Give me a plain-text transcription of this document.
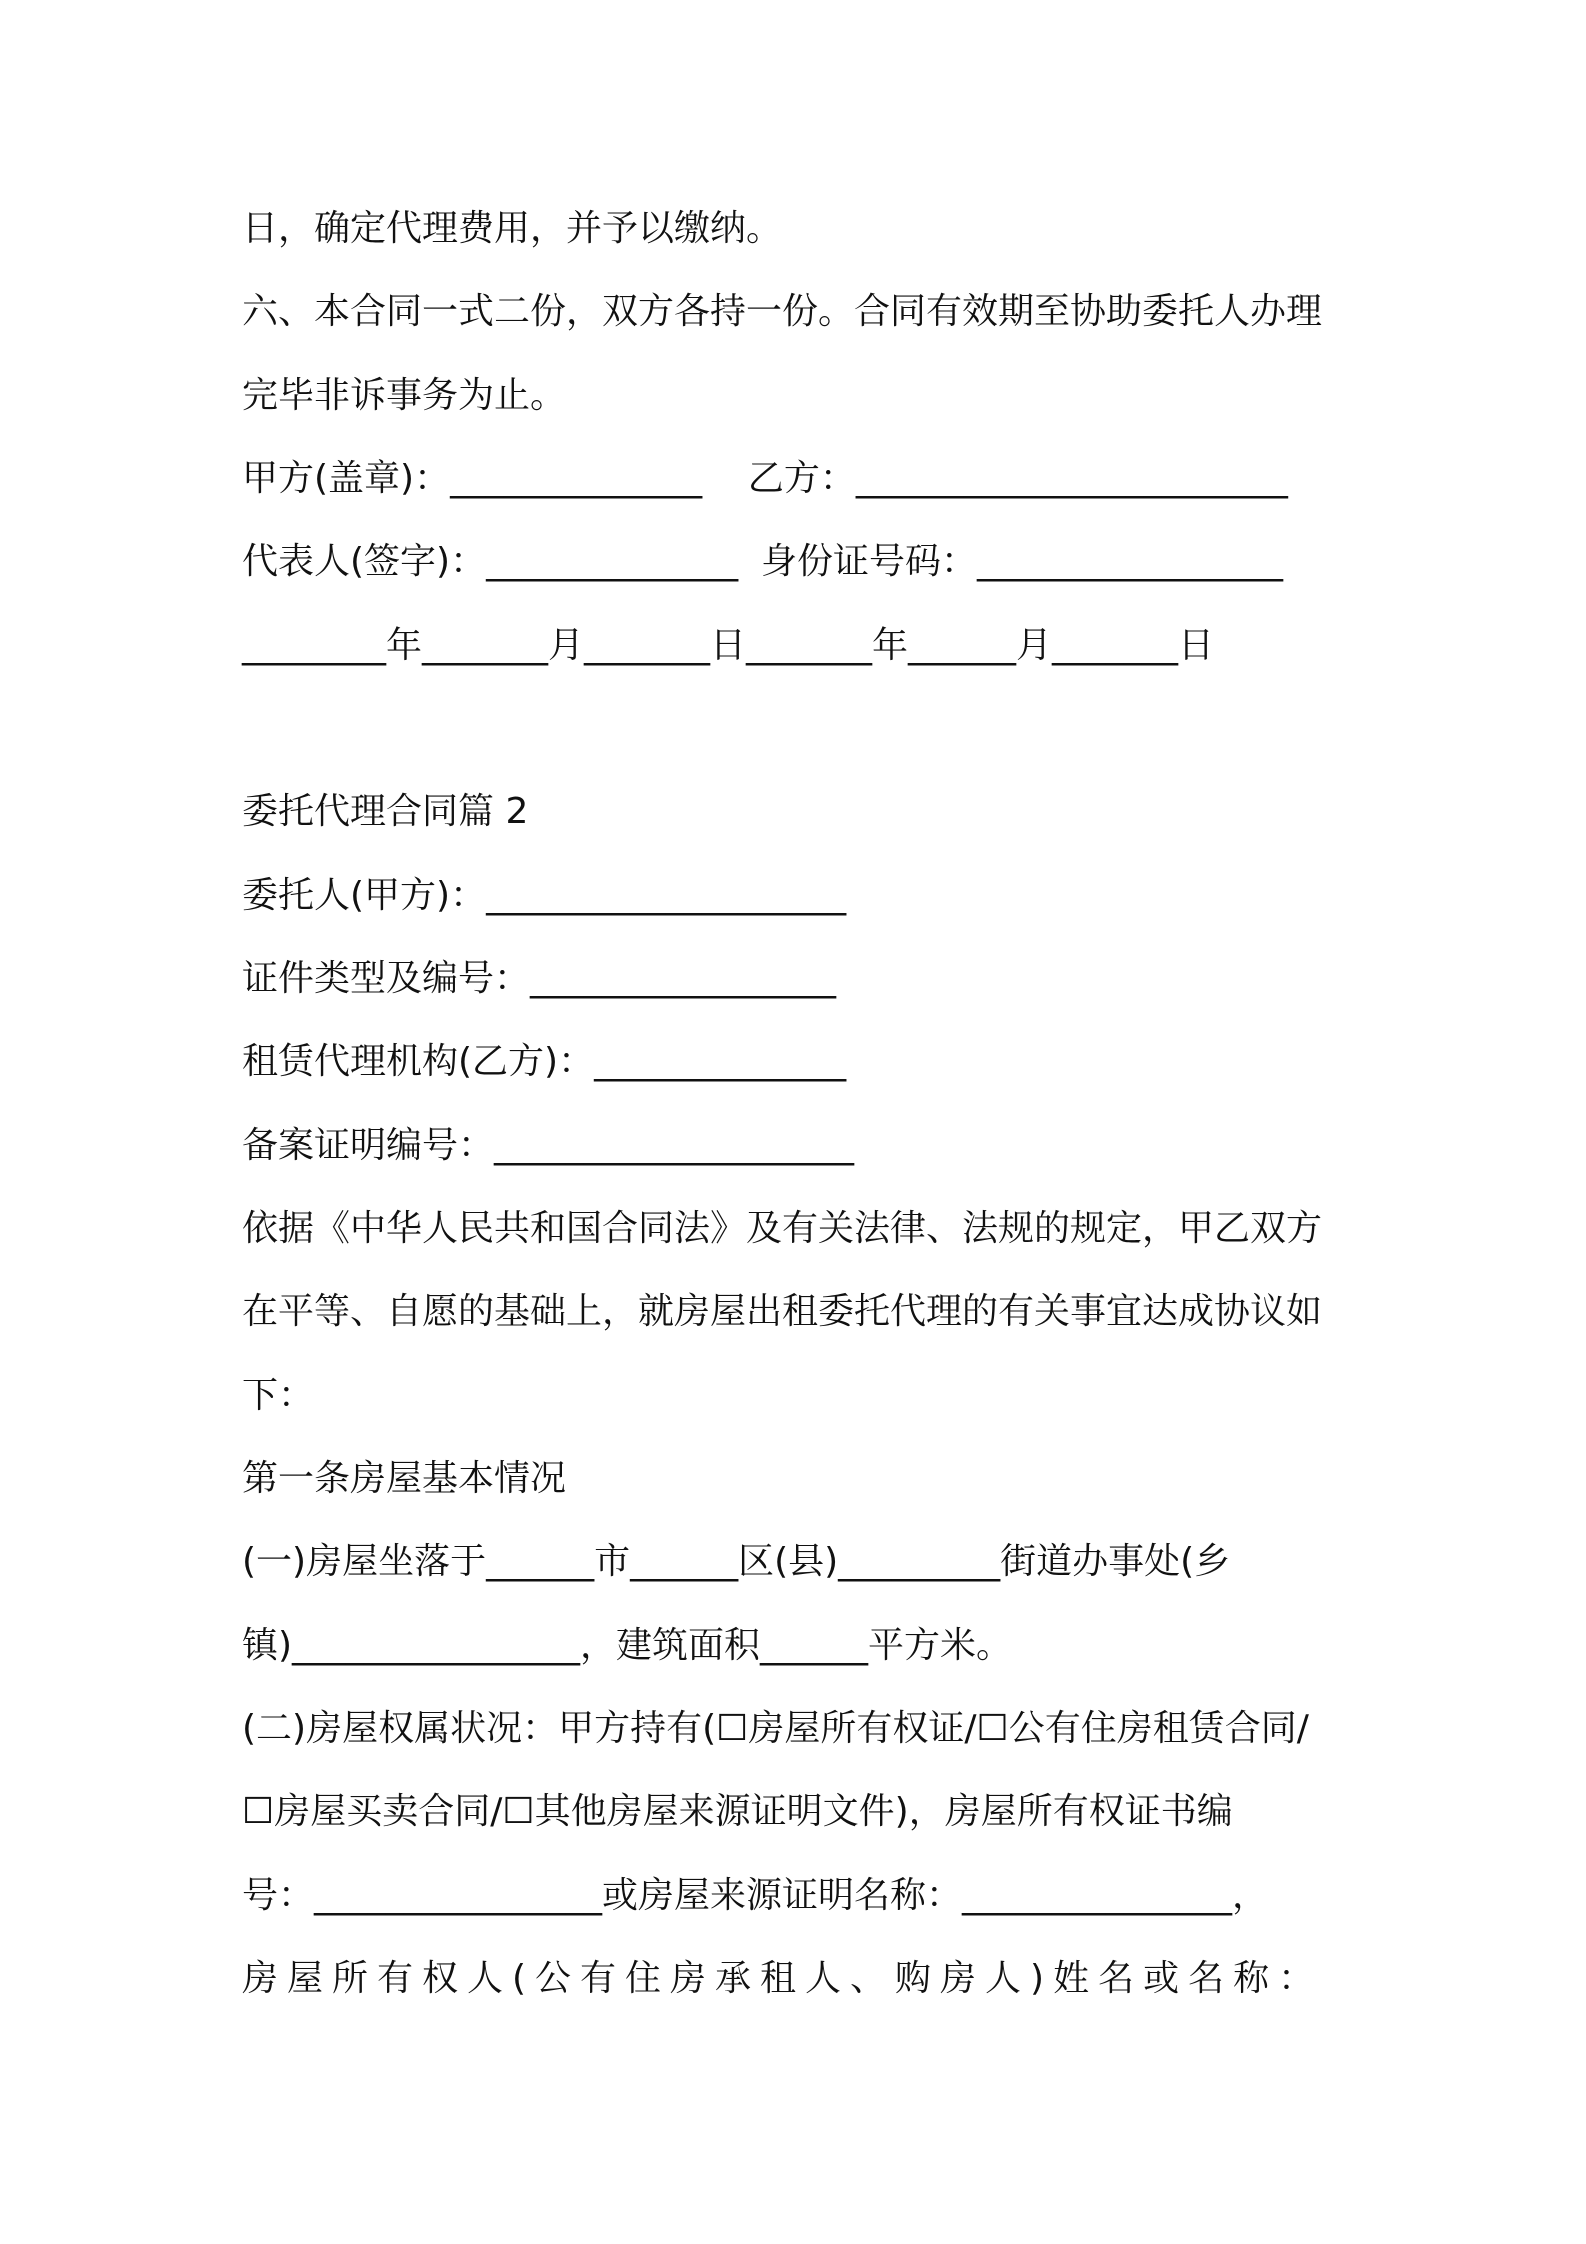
日，确定代理费用，并予以缴纳。
六、本合同一式二份，双方各持一份。合同有效期至协助委托人办理
完毕非诉事务为止。
甲方(盖章)：______________    乙方：________________________
代表人(签字)：______________  身份证号码：_________________
________年_______月_______日_______年______月_______日
委托代理合同篇 2
委托人(甲方)：____________________
证件类型及编号：_________________
租赁代理机构(乙方)：______________
备案证明编号：____________________
依据《中华人民共和国合同法》及有关法律、法规的规定，甲乙双方
在平等、自愿的基础上，就房屋出租委托代理的有关事宜达成协议如
下：
第一条房屋基本情况
(一)房屋坐落于______市______区(县)_________街道办事处(乡
镇)________________，建筑面积______平方米。
(二)房屋权属状况：甲方持有(☐房屋所有权证/☐公有住房租赁合同/
☐房屋买卖合同/☐其他房屋来源证明文件)，房屋所有权证书编
号：________________或房屋来源证明名称：_______________，
房屋所有权人(公有住房承租人、购房人)姓名或名称：
